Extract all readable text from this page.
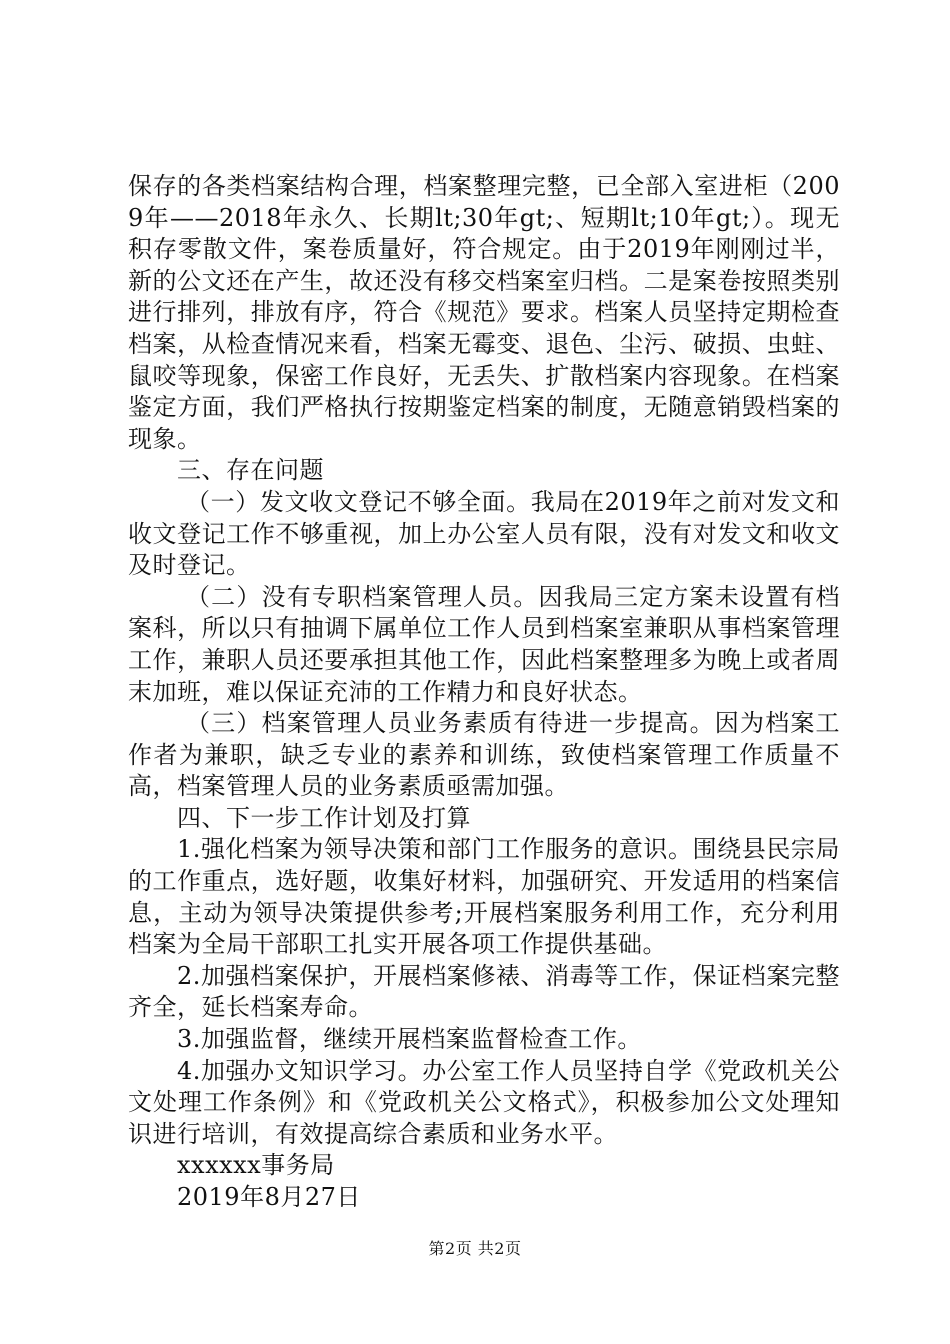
保存的各类档案结构合理，档案整理完整，已全部入室进柜（2009年——2018年永久、长期lt;30年gt;、短期lt;10年gt;）。现无积存零散文件，案卷质量好，符合规定。由于2019年刚刚过半，新的公文还在产生，故还没有移交档案室归档。二是案卷按照类别进行排列，排放有序，符合《规范》要求。档案人员坚持定期检查档案，从检查情况来看，档案无霉变、退色、尘污、破损、虫蛀、鼠咬等现象，保密工作良好，无丢失、扩散档案内容现象。在档案鉴定方面，我们严格执行按期鉴定档案的制度，无随意销毁档案的现象。

三、存在问题

（一）发文收文登记不够全面。我局在2019年之前对发文和收文登记工作不够重视，加上办公室人员有限，没有对发文和收文及时登记。

（二）没有专职档案管理人员。因我局三定方案未设置有档案科，所以只有抽调下属单位工作人员到档案室兼职从事档案管理工作，兼职人员还要承担其他工作，因此档案整理多为晚上或者周末加班，难以保证充沛的工作精力和良好状态。

（三）档案管理人员业务素质有待进一步提高。因为档案工作者为兼职，缺乏专业的素养和训练，致使档案管理工作质量不高，档案管理人员的业务素质亟需加强。

四、下一步工作计划及打算

1.强化档案为领导决策和部门工作服务的意识。围绕县民宗局的工作重点，选好题，收集好材料，加强研究、开发适用的档案信息，主动为领导决策提供参考;开展档案服务利用工作，充分利用档案为全局干部职工扎实开展各项工作提供基础。

2.加强档案保护，开展档案修裱、消毒等工作，保证档案完整齐全，延长档案寿命。

3.加强监督，继续开展档案监督检查工作。

4.加强办文知识学习。办公室工作人员坚持自学《党政机关公文处理工作条例》和《党政机关公文格式》，积极参加公文处理知识进行培训，有效提高综合素质和业务水平。

xxxxxx事务局

2019年8月27日

第2页 共2页
